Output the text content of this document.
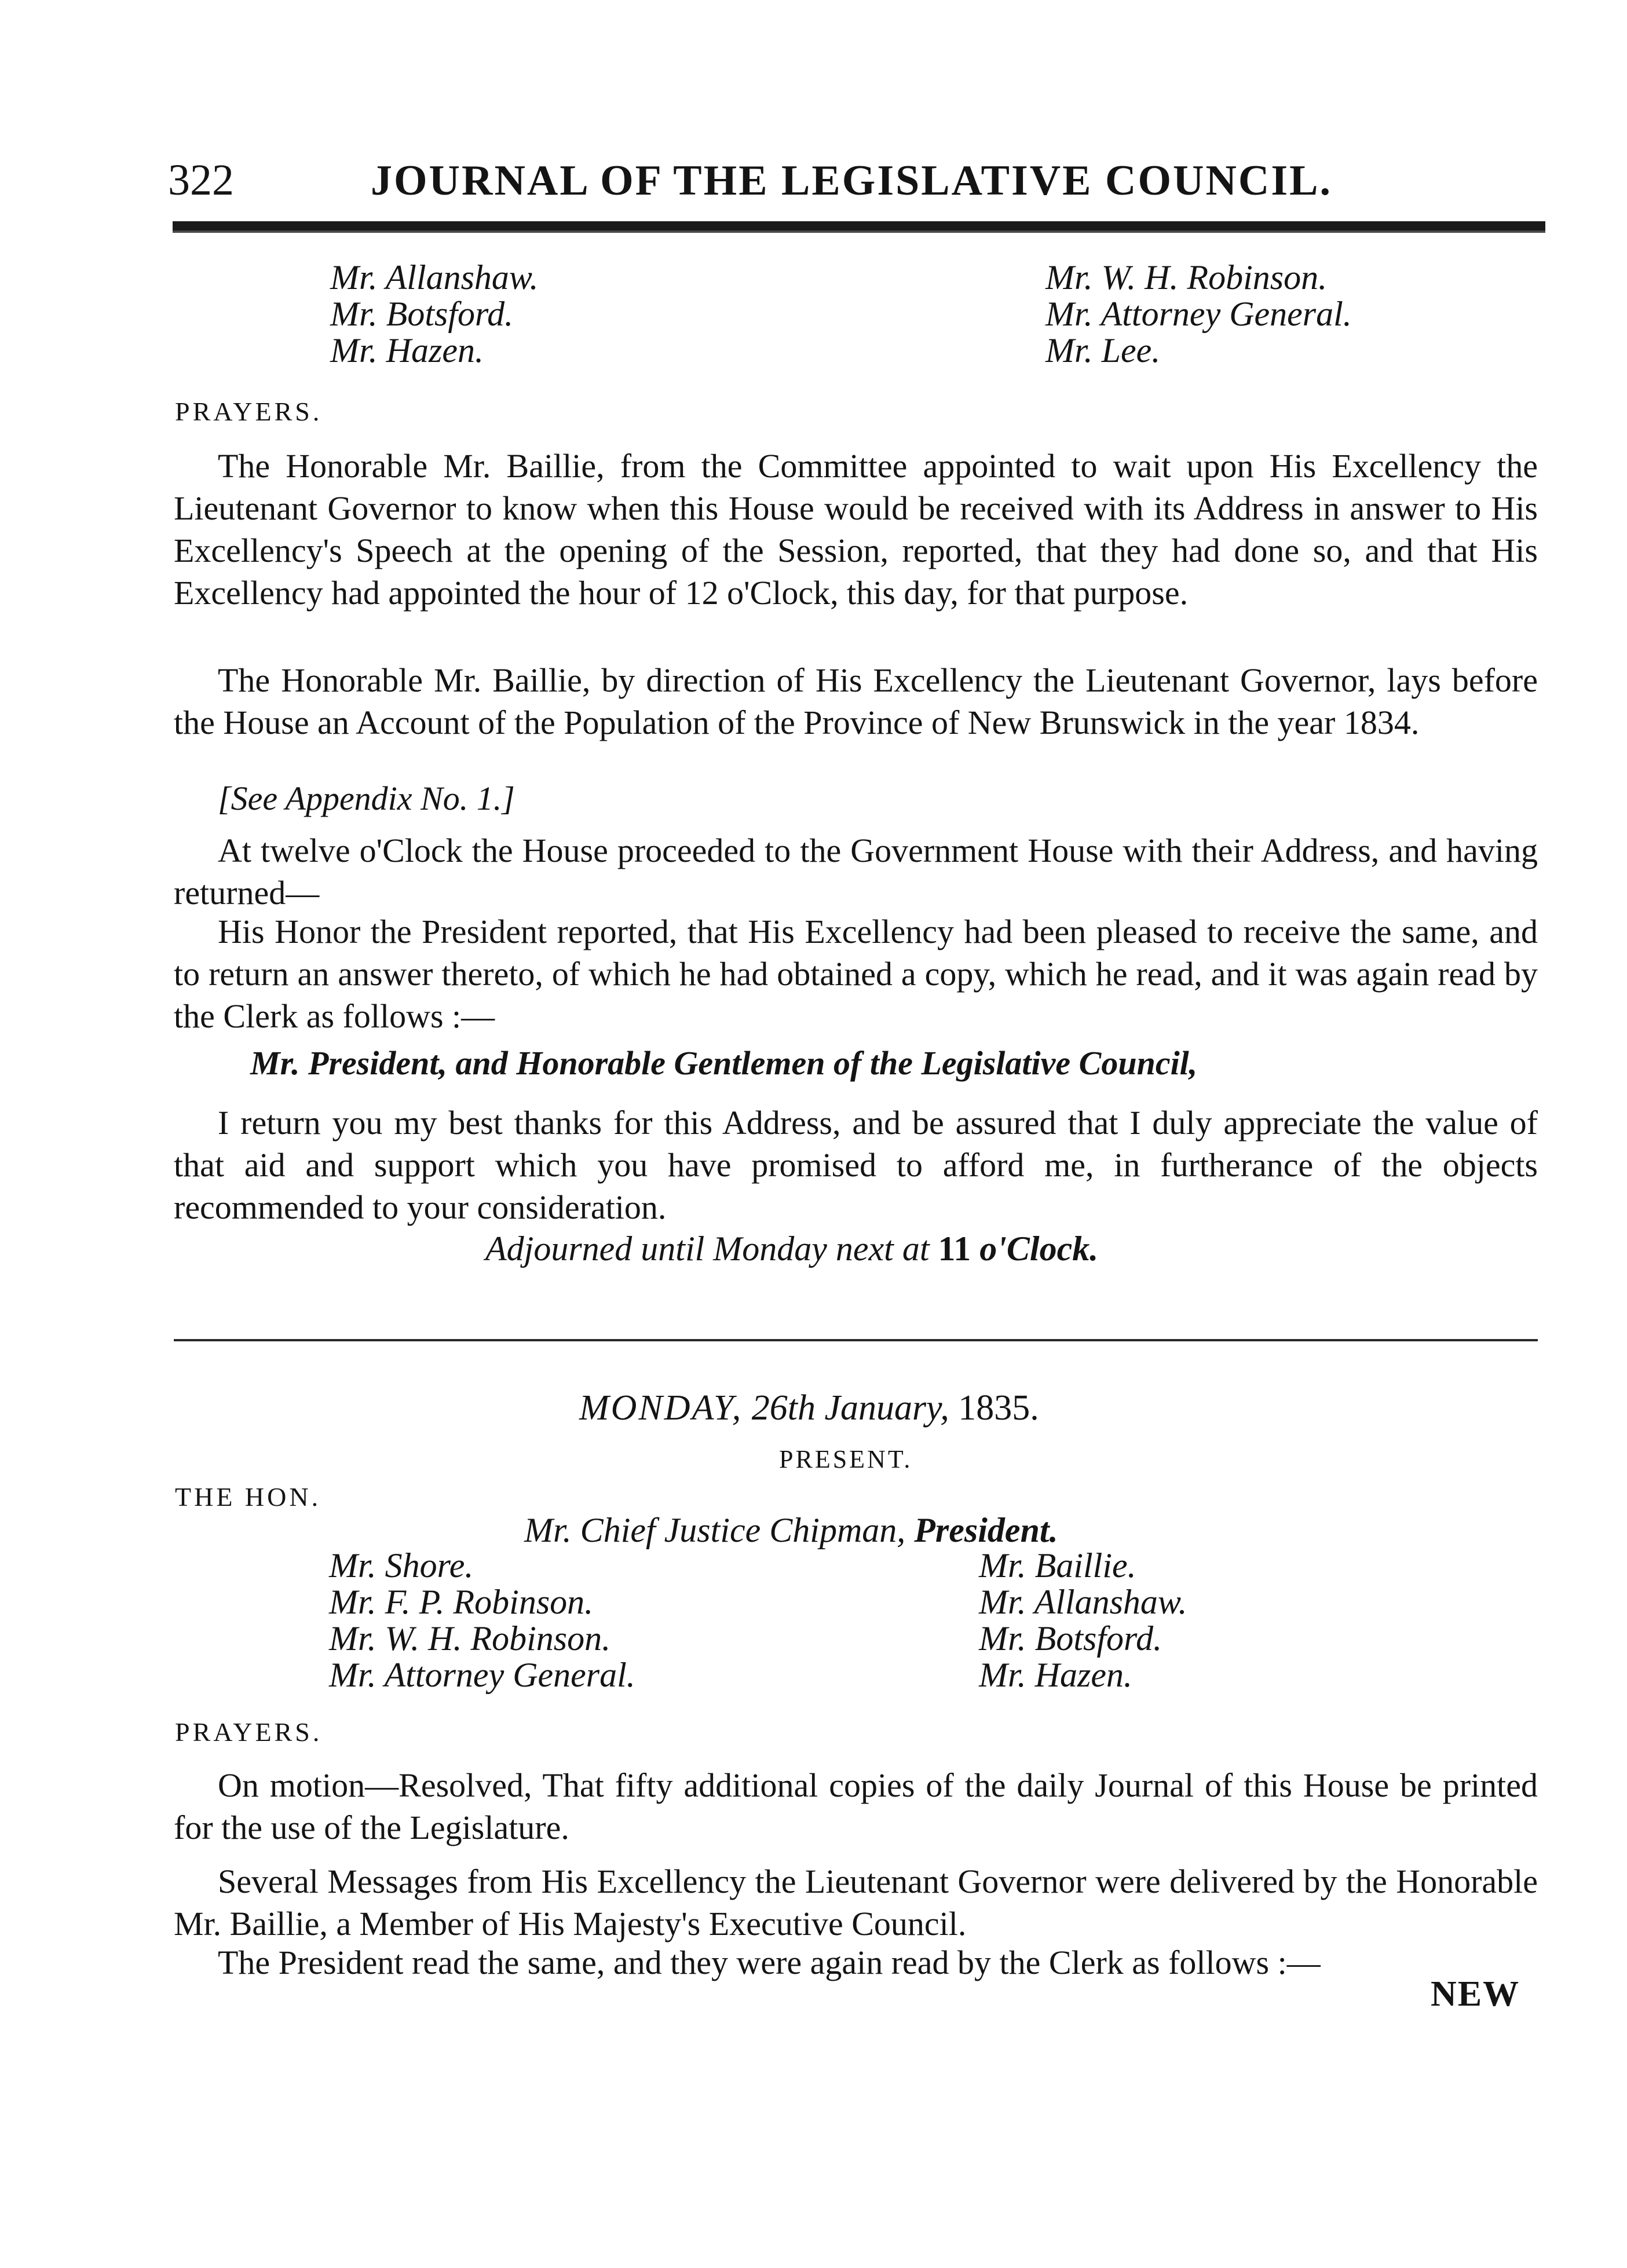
322	JOURNAL OF THE LEGISLATIVE COUNCIL.
Mr. Allanshaw.
Mr. Botsford.
Mr. Hazen.
Mr. W. H. Robinson.
Mr. Attorney General.
Mr. Lee.
PRAYERS.

The Honorable Mr. Baillie, from the Committee appointed to wait upon His Excellency the Lieutenant Governor to know when this House would be received with its Address in answer to His Excellency's Speech at the opening of the Session, reported, that they had done so, and that His Excellency had appointed the hour of 12 o'Clock, this day, for that purpose.

The Honorable Mr. Baillie, by direction of His Excellency the Lieutenant Governor, lays before the House an Account of the Population of the Province of New Brunswick in the year 1834.

[See Appendix No. 1.]

At twelve o'Clock the House proceeded to the Government House with their Address, and having returned—

His Honor the President reported, that His Excellency had been pleased to receive the same, and to return an answer thereto, of which he had obtained a copy, which he read, and it was again read by the Clerk as follows :—

Mr. President, and Honorable Gentlemen of the Legislative Council,

I return you my best thanks for this Address, and be assured that I duly appreciate the value of that aid and support which you have promised to afford me, in furtherance of the objects recommended to your consideration.

Adjourned until Monday next at 11 o'Clock.
MONDAY, 26th January, 1835.
PRESENT.
THE HON.
Mr. Chief Justice Chipman, President.
Mr. Shore.
Mr. F. P. Robinson.
Mr. W. H. Robinson.
Mr. Attorney General.
Mr. Baillie.
Mr. Allanshaw.
Mr. Botsford.
Mr. Hazen.
PRAYERS.

On motion—Resolved, That fifty additional copies of the daily Journal of this House be printed for the use of the Legislature.

Several Messages from His Excellency the Lieutenant Governor were delivered by the Honorable Mr. Baillie, a Member of His Majesty's Executive Council.

The President read the same, and they were again read by the Clerk as follows :—

NEW
